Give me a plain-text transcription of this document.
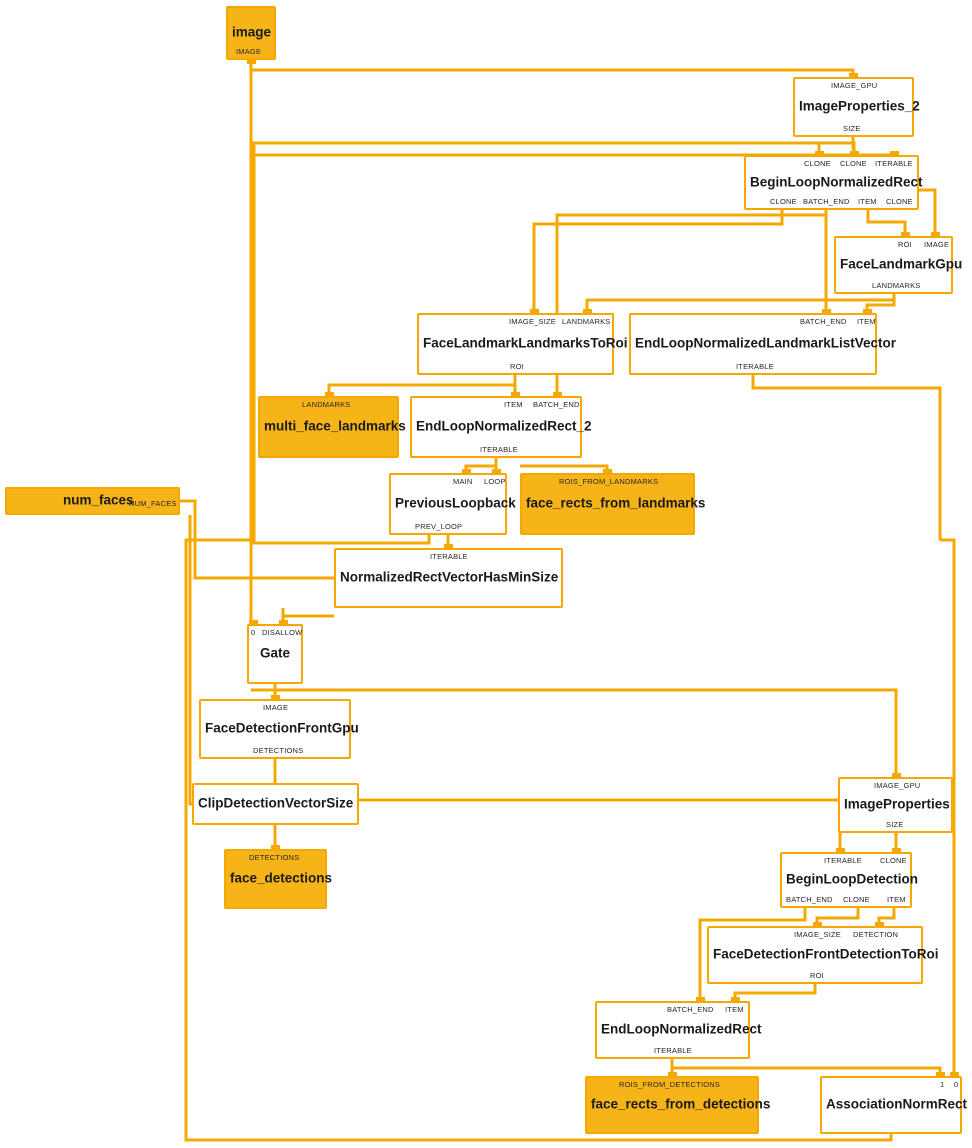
image
IMAGE
ImageProperties_2
IMAGE_GPU
SIZE
BeginLoopNormalizedRect
CLONE CLONE ITERABLE
CLONE BATCH_END ITEM CLONE
FaceLandmarkGpu
ROI IMAGE
LANDMARKS
FaceLandmarkLandmarksToRoi
IMAGE_SIZE LANDMARKS
ROI
EndLoopNormalizedLandmarkListVector
BATCH_END ITEM
ITERABLE
multi_face_landmarks
LANDMARKS
EndLoopNormalizedRect_2
ITEM BATCH_END
ITERABLE
num_faces
NUM_FACES	PreviousLoopback
MAIN LOOP
PREV_LOOP
face_rects_from_landmarks
ROIS_FROM_LANDMARKS
NormalizedRectVectorHasMinSize
ITERABLE
Gate
0 DISALLOW
FaceDetectionFrontGpu
IMAGE
DETECTIONS
ClipDetectionVectorSize
face_detections
DETECTIONS
ImageProperties
IMAGE_GPU
SIZE
BeginLoopDetection
ITERABLE CLONE
BATCH_END CLONE ITEM
FaceDetectionFrontDetectionToRoi
IMAGE_SIZE DETECTION
ROI
EndLoopNormalizedRect
BATCH_END ITEM
ITERABLE
face_rects_from_detections
ROIS_FROM_DETECTIONS
AssociationNormRect
1 0
